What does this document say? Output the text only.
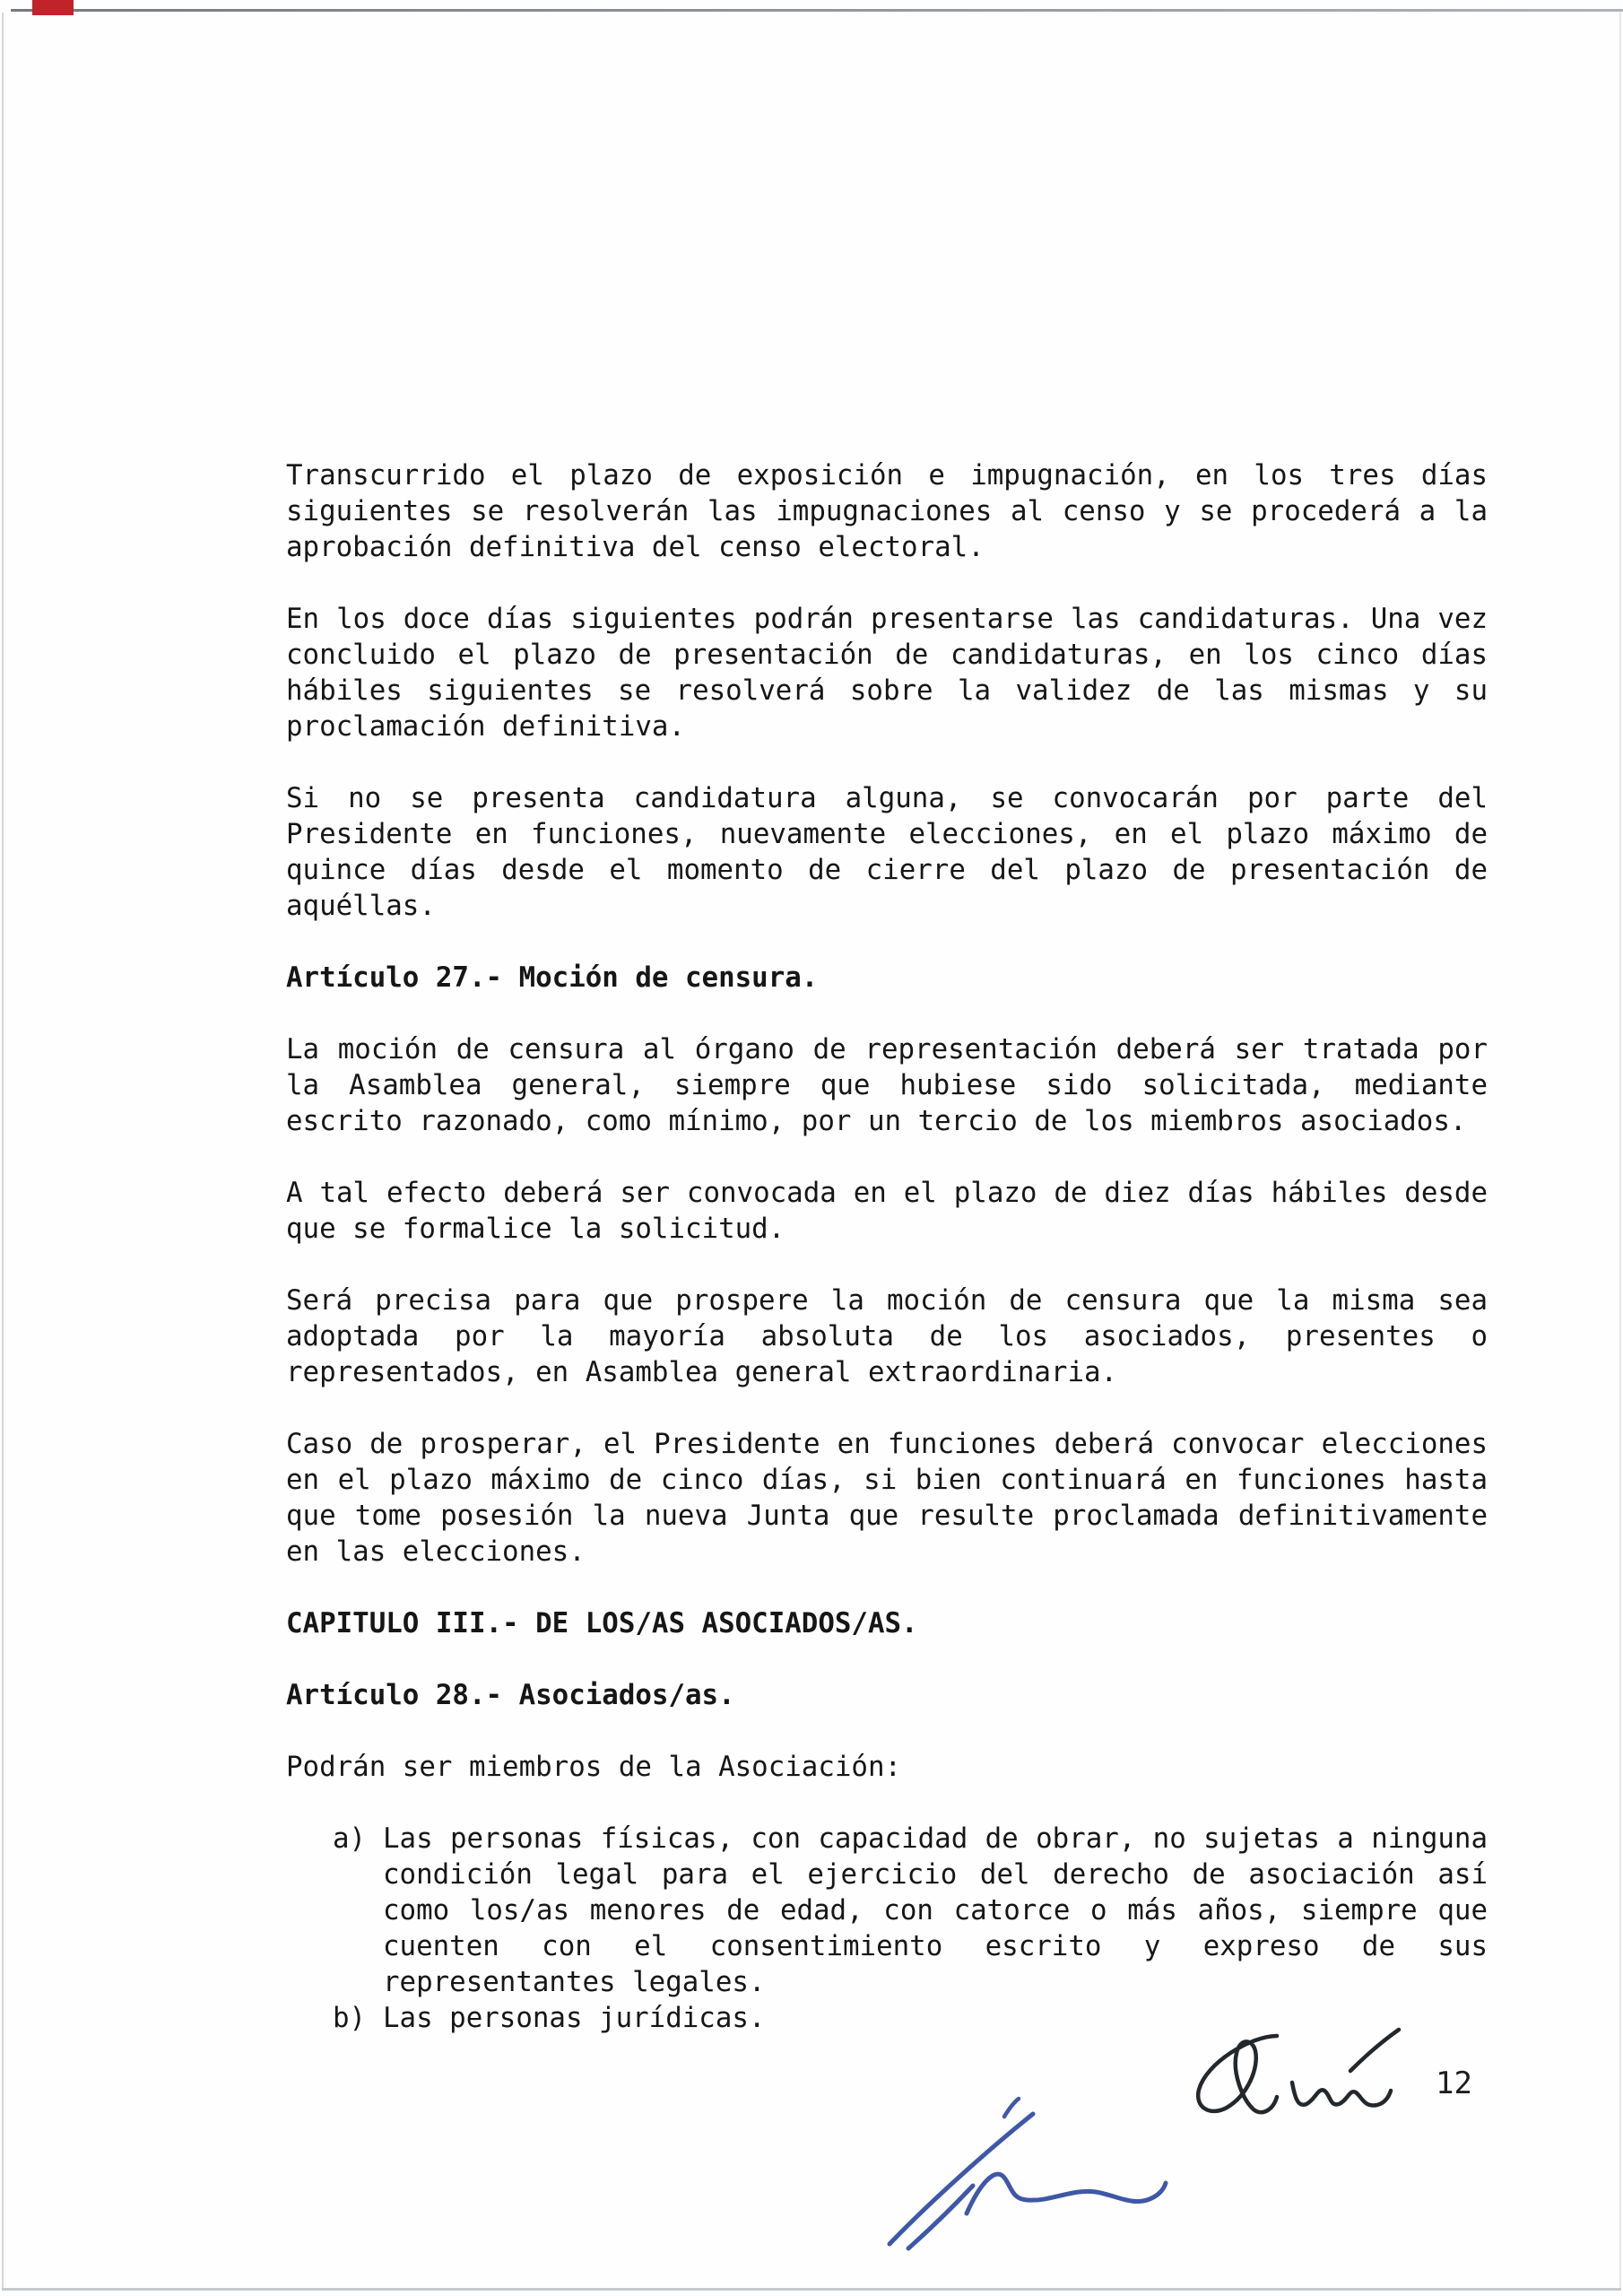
Transcurrido el plazo de exposición e impugnación, en los tres días siguientes se resolverán las impugnaciones al censo y se procederá a la aprobación definitiva del censo electoral.

En los doce días siguientes podrán presentarse las candidaturas. Una vez concluido el plazo de presentación de candidaturas, en los cinco días hábiles siguientes se resolverá sobre la validez de las mismas y su proclamación definitiva.

Si no se presenta candidatura alguna, se convocarán por parte del Presidente en funciones, nuevamente elecciones, en el plazo máximo de quince días desde el momento de cierre del plazo de presentación de aquéllas.

Artículo 27.- Moción de censura.

La moción de censura al órgano de representación deberá ser tratada por la Asamblea general, siempre que hubiese sido solicitada, mediante escrito razonado, como mínimo, por un tercio de los miembros asociados.

A tal efecto deberá ser convocada en el plazo de diez días hábiles desde que se formalice la solicitud.

Será precisa para que prospere la moción de censura que la misma sea adoptada por la mayoría absoluta de los asociados, presentes o representados, en Asamblea general extraordinaria.

Caso de prosperar, el Presidente en funciones deberá convocar elecciones en el plazo máximo de cinco días, si bien continuará en funciones hasta que tome posesión la nueva Junta que resulte proclamada definitivamente en las elecciones.

CAPITULO III.- DE LOS/AS ASOCIADOS/AS.

Artículo 28.- Asociados/as.

Podrán ser miembros de la Asociación:

a) Las personas físicas, con capacidad de obrar, no sujetas a ninguna condición legal para el ejercicio del derecho de asociación así como los/as menores de edad, con catorce o más años, siempre que cuenten con el consentimiento escrito y expreso de sus representantes legales.
b) Las personas jurídicas.
12
